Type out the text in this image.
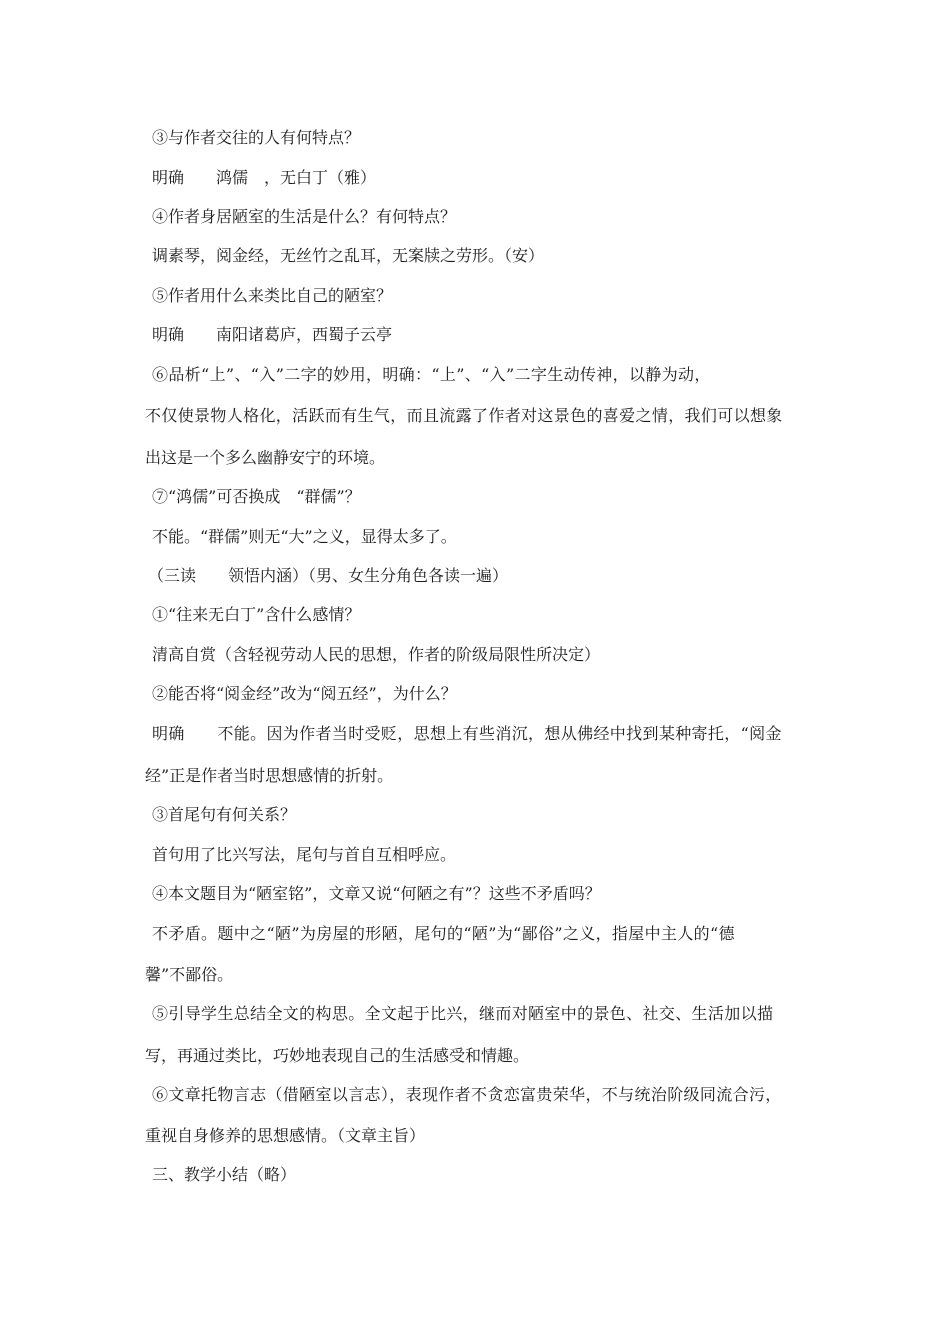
③与作者交往的人有何特点？
明确　　鸿儒　，无白丁（雅）
④作者身居陋室的生活是什么？有何特点？
调素琴，阅金经，无丝竹之乱耳，无案牍之劳形。（安）
⑤作者用什么来类比自己的陋室？
明确　　南阳诸葛庐，西蜀子云亭
⑥品析“上”、“入”二字的妙用，明确：“上”、“入”二字生动传神，以静为动，
不仅使景物人格化，活跃而有生气，而且流露了作者对这景色的喜爱之情，我们可以想象
出这是一个多么幽静安宁的环境。
⑦“鸿儒”可否换成　“群儒”？
不能。“群儒”则无“大”之义，显得太多了。
（三读　　领悟内涵）（男、女生分角色各读一遍）
①“往来无白丁”含什么感情？
清高自赏（含轻视劳动人民的思想，作者的阶级局限性所决定）
②能否将“阅金经”改为“阅五经”，为什么？
明确　　不能。因为作者当时受贬，思想上有些消沉，想从佛经中找到某种寄托，“阅金
经”正是作者当时思想感情的折射。
③首尾句有何关系？
首句用了比兴写法，尾句与首自互相呼应。
④本文题目为“陋室铭”，文章又说“何陋之有”？这些不矛盾吗？
不矛盾。题中之“陋”为房屋的形陋，尾句的“陋”为“鄙俗”之义，指屋中主人的“德
馨”不鄙俗。
⑤引导学生总结全文的构思。全文起于比兴，继而对陋室中的景色、社交、生活加以描
写，再通过类比，巧妙地表现自己的生活感受和情趣。
⑥文章托物言志（借陋室以言志），表现作者不贪恋富贵荣华，不与统治阶级同流合污，
重视自身修养的思想感情。（文章主旨）
三、教学小结（略）
